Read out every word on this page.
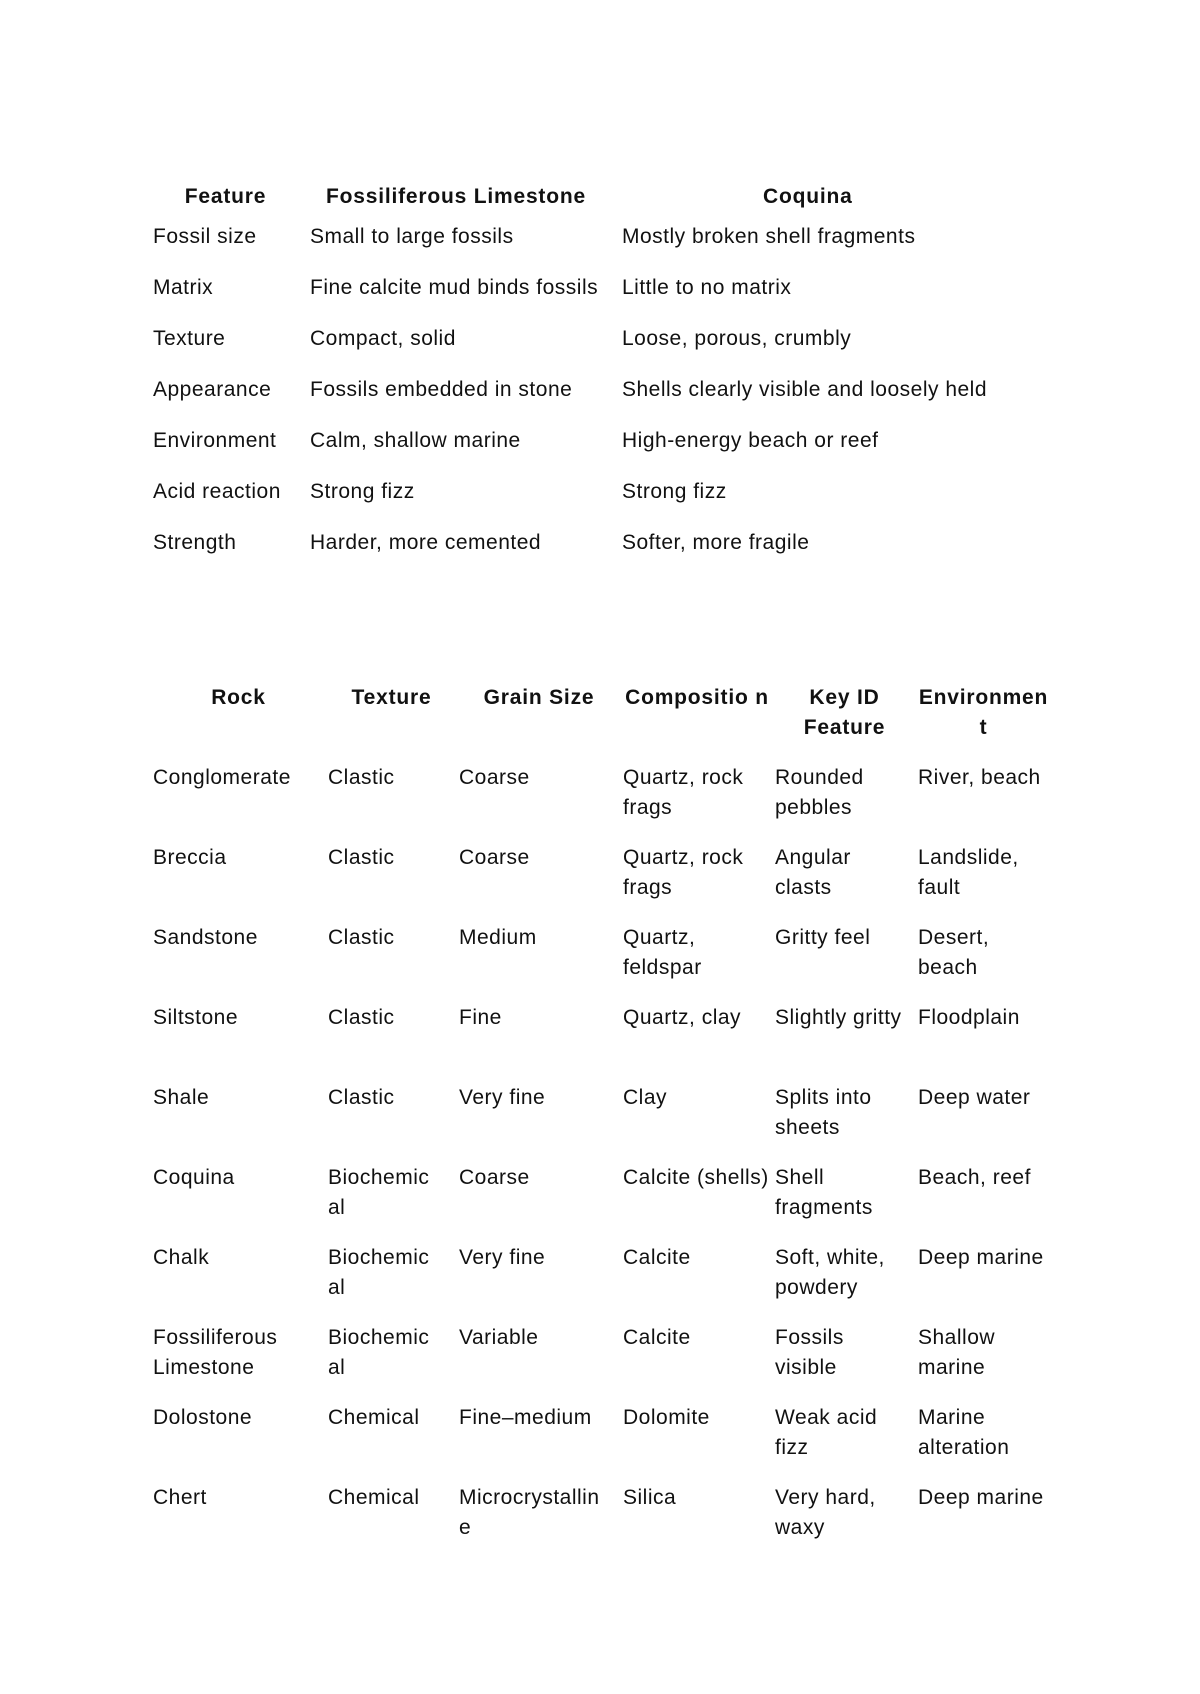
Feature	Fossiliferous Limestone	Coquina
Fossil size	Small to large fossils	Mostly broken shell fragments
Matrix	Fine calcite mud binds fossils	Little to no matrix
Texture	Compact, solid	Loose, porous, crumbly
Appearance	Fossils embedded in stone	Shells clearly visible and loosely held
Environment	Calm, shallow marine	High-energy beach or reef
Acid reaction	Strong fizz	Strong fizz
Strength	Harder, more cemented	Softer, more fragile
Rock	Texture	Grain Size	Compositio n	Key ID Feature	Environmen t
Conglomerate	Clastic	Coarse	Quartz, rock frags	Rounded pebbles	River, beach
Breccia	Clastic	Coarse	Quartz, rock frags	Angular clasts	Landslide, fault
Sandstone	Clastic	Medium	Quartz, feldspar	Gritty feel	Desert, beach
Siltstone	Clastic	Fine	Quartz, clay	Slightly gritty	Floodplain
Shale	Clastic	Very fine	Clay	Splits into sheets	Deep water
Coquina	Biochemic al	Coarse	Calcite (shells)	Shell fragments	Beach, reef
Chalk	Biochemic al	Very fine	Calcite	Soft, white, powdery	Deep marine
Fossiliferous Limestone	Biochemic al	Variable	Calcite	Fossils visible	Shallow marine
Dolostone	Chemical	Fine–medium	Dolomite	Weak acid fizz	Marine alteration
Chert	Chemical	Microcrystallin e	Silica	Very hard, waxy	Deep marine
